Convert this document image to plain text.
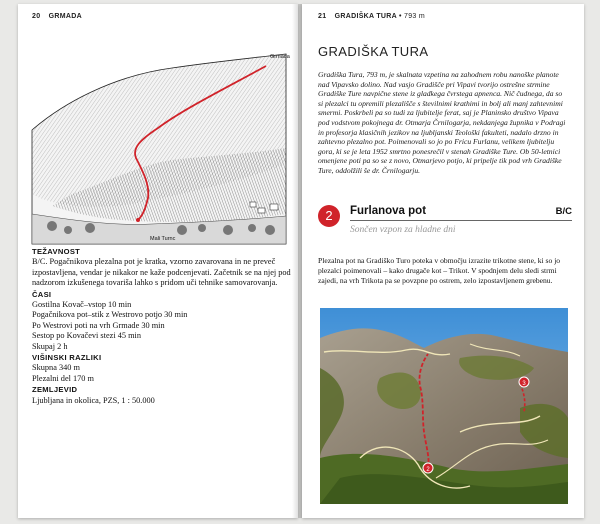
20 GRMADA
Grmada
Mali Turnc
TEŽAVNOST

B/C. Pogačnikova plezalna pot je kratka, vzorno zavarovana in ne preveč izpostavljena, vendar je nikakor ne kaže podcenjevati. Začetnik se na njej pod nadzorom izkušenega tovariša lahko s pridom uči tehnike samovarovanja.

ČASI

Gostilna Kovač–vstop 10 min

Pogačnikova pot–stik z Westrovo potjo 30 min

Po Westrovi poti na vrh Grmade 30 min

Sestop po Kovačevi stezi 45 min

Skupaj 2 h

VIŠINSKI RAZLIKI

Skupna 340 m

Plezalni del 170 m

ZEMLJEVID

Ljubljana in okolica, PZS, 1 : 50.000

21 GRADIŠKA TURA • 793 m
GRADIŠKA TURA
Gradiška Tura, 793 m, je skalnata vzpetina na zahodnem robu nanoške planote nad Vipavsko dolino. Nad vasjo Gradišče pri Vipavi tvorijo ostrešne strmine Gradiške Ture navpične stene iz gladkega čvrstega apnenca. Nič čudnega, da so si plezalci tu opremili plezališče s številnimi krathimi in bolj ali manj zahtevnimi smermi. Poskrbeli pa so tudi za ljubitelje ferat, saj je Planinsko društvo Vipava pod vodstvom pokojnega dr. Otmarja Črnilogarja, nekdanjega župnika v Podragi in profesorja klasičnih jezikov na ljubljanski Teološki fakulteti, nadalo drzno in zahtevno plezalno pot. Poimenovali so jo po Fricu Furlanu, velikem ljubitelju gora, ki se je leta 1952 smrtno ponesrečil v stenah Gradiške Ture. Ob 50-letnici omenjene poti pa so se z novo, Otmarjevo potjo, ki pripelje tik pod vrh Gradiške Ture, oddolžili še dr. Črnilogarju.
2	Furlanova pot	B/C
Sončen vzpon za hladne dni
Plezalna pot na Gradiško Turo poteka v območju izrazite trikotne stene, ki so jo plezalci poimenovali – kako drugače kot – Trikot. V spodnjem delu sledi strmi zajedi, na vrh Trikota pa se povzpne po ostrem, zelo izpostavljenem grebenu.
2
3
